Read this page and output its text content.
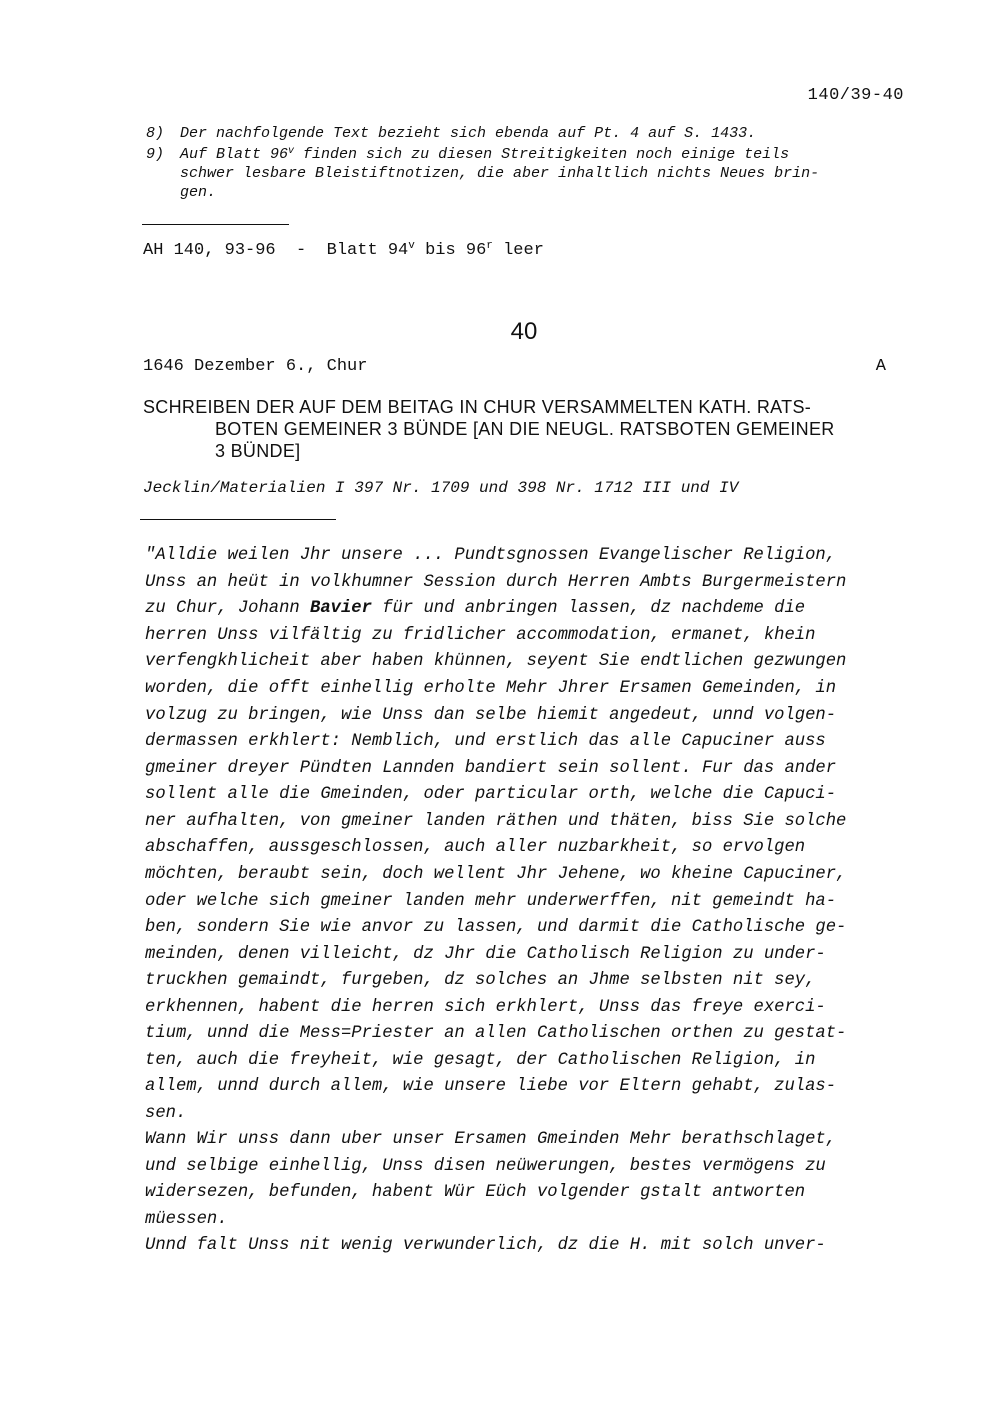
140/39-40
8) Der nachfolgende Text bezieht sich ebenda auf Pt. 4 auf S. 1433.
9) Auf Blatt 96$^v$ finden sich zu diesen Streitigkeiten noch einige teils
schwer lesbare Bleistiftnotizen, die aber inhaltlich nichts Neues brin-
gen.
AH 140, 93-96 - Blatt 94$^v$ bis 96$^r$ leer
40
1646 Dezember 6., Chur	A
SCHREIBEN DER AUF DEM BEITAG IN CHUR VERSAMMELTEN KATH. RATS-
BOTEN GEMEINER 3 BÜNDE [AN DIE NEUGL. RATSBOTEN GEMEINER
3 BÜNDE]
Jecklin/Materialien I 397 Nr. 1709 und 398 Nr. 1712 III und IV
"Alldie weilen Jhr unsere ... Pundtsgnossen Evangelischer Religion,
Unss an heüt in volkhumner Session durch Herren Ambts Burgermeistern
zu Chur, Johann Bavier für und anbringen lassen, dz nachdeme die
herren Unss vilfältig zu fridlicher accommodation, ermanet, khein
verfengkhlicheit aber haben khünnen, seyent Sie endtlichen gezwungen
worden, die offt einhellig erholte Mehr Jhrer Ersamen Gemeinden, in
volzug zu bringen, wie Unss dan selbe hiemit angedeut, unnd volgen-
dermassen erkhlert: Nemblich, und erstlich das alle Capuciner auss
gmeiner dreyer Pündten Lannden bandiert sein sollent. Fur das ander
sollent alle die Gmeinden, oder particular orth, welche die Capuci-
ner aufhalten, von gmeiner landen räthen und thäten, biss Sie solche
abschaffen, aussgeschlossen, auch aller nuzbarkheit, so ervolgen
möchten, beraubt sein, doch wellent Jhr Jehene, wo kheine Capuciner,
oder welche sich gmeiner landen mehr underwerffen, nit gemeindt ha-
ben, sondern Sie wie anvor zu lassen, und darmit die Catholische ge-
meinden, denen villeicht, dz Jhr die Catholisch Religion zu under-
truckhen gemaindt, furgeben, dz solches an Jhme selbsten nit sey,
erkhennen, habent die herren sich erkhlert, Unss das freye exerci-
tium, unnd die Mess=Priester an allen Catholischen orthen zu gestat-
ten, auch die freyheit, wie gesagt, der Catholischen Religion, in
allem, unnd durch allem, wie unsere liebe vor Eltern gehabt, zulas-
sen.
Wann Wir unss dann uber unser Ersamen Gmeinden Mehr berathschlaget,
und selbige einhellig, Unss disen neüwerungen, bestes vermögens zu
widersezen, befunden, habent Wür Eüch volgender gstalt antworten
müessen.
Unnd falt Unss nit wenig verwunderlich, dz die H. mit solch unver-
